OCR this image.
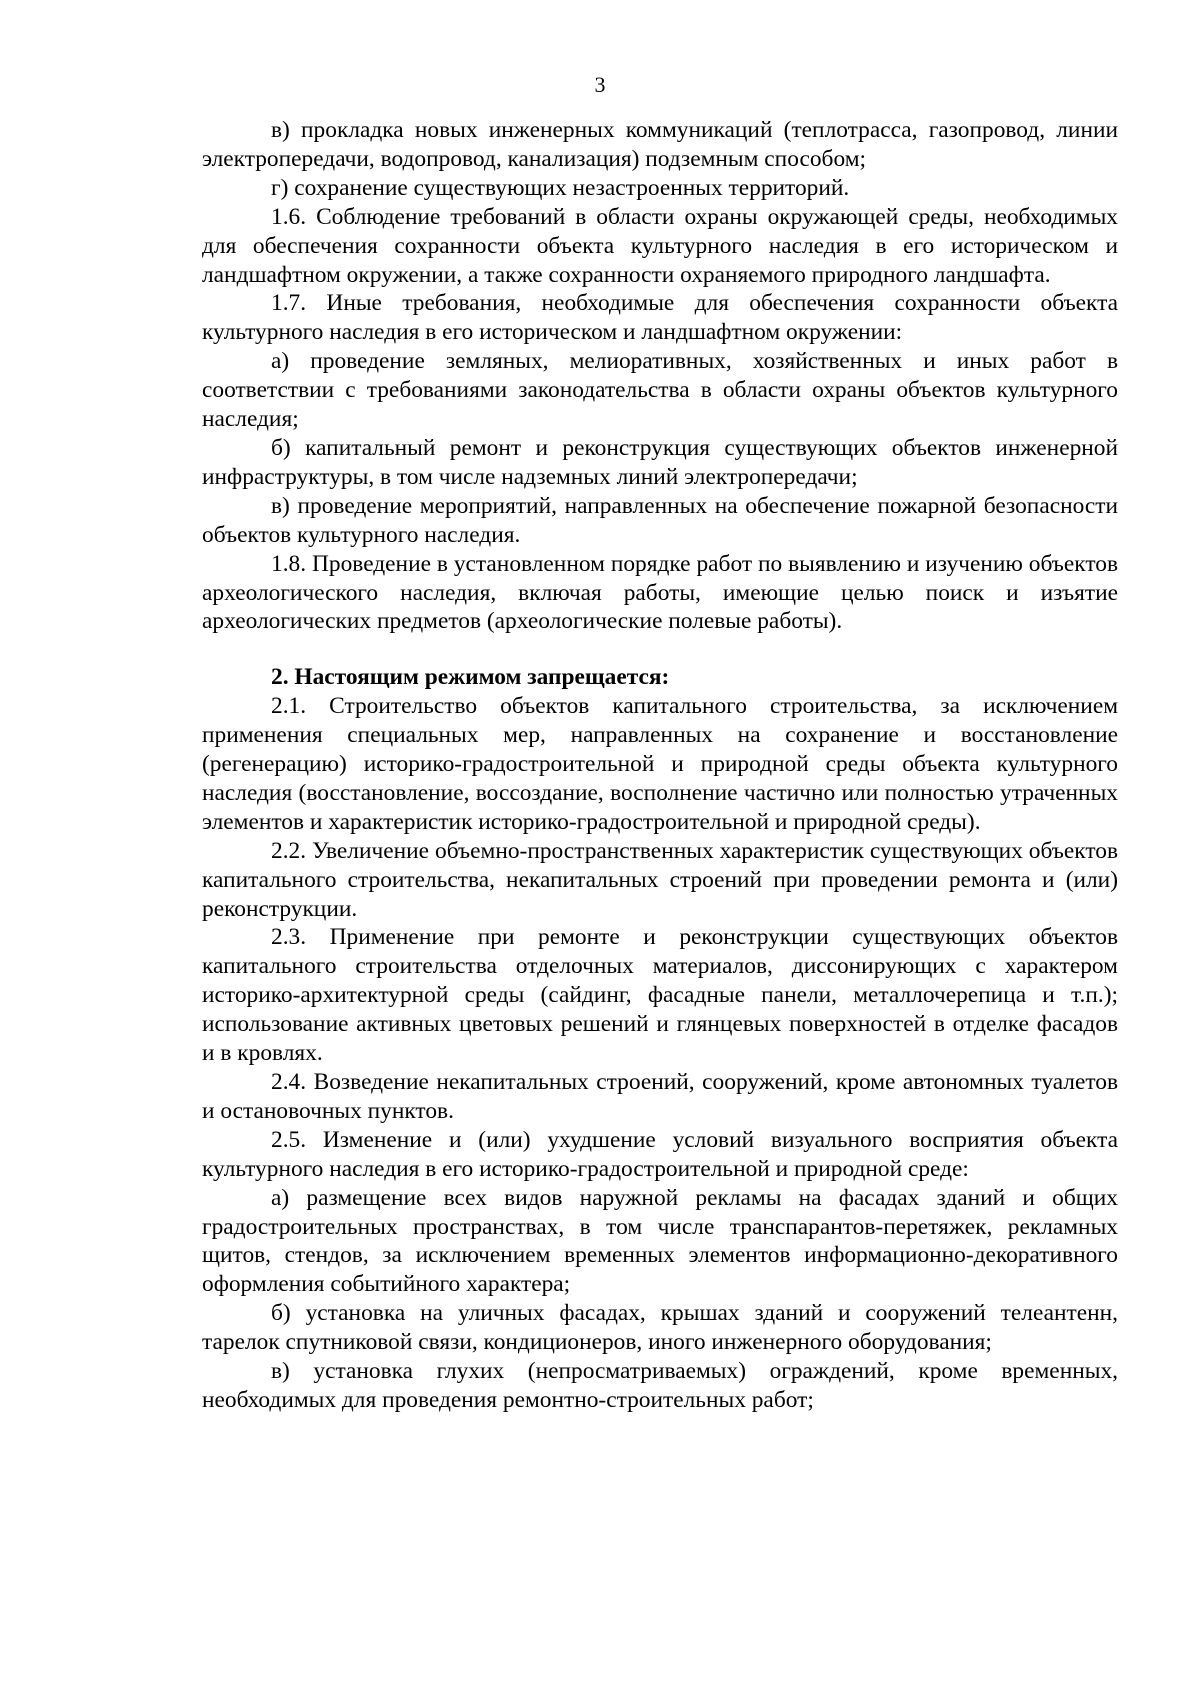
3

в) прокладка новых инженерных коммуникаций (теплотрасса, газопровод, линии электропередачи, водопровод, канализация) подземным способом;

г) сохранение существующих незастроенных территорий.

1.6. Соблюдение требований в области охраны окружающей среды, необходимых для обеспечения сохранности объекта культурного наследия в его историческом и ландшафтном окружении, а также сохранности охраняемого природного ландшафта.

1.7. Иные требования, необходимые для обеспечения сохранности объекта культурного наследия в его историческом и ландшафтном окружении:

а) проведение земляных, мелиоративных, хозяйственных и иных работ в соответствии с требованиями законодательства в области охраны объектов культурного наследия;

б) капитальный ремонт и реконструкция существующих объектов инженерной инфраструктуры, в том числе надземных линий электропередачи;

в) проведение мероприятий, направленных на обеспечение пожарной безопасности объектов культурного наследия.

1.8. Проведение в установленном порядке работ по выявлению и изучению объектов археологического наследия, включая работы, имеющие целью поиск и изъятие археологических предметов (археологические полевые работы).

2. Настоящим режимом запрещается:

2.1. Строительство объектов капитального строительства, за исключением применения специальных мер, направленных на сохранение и восстановление (регенерацию) историко-градостроительной и природной среды объекта культурного наследия (восстановление, воссоздание, восполнение частично или полностью утраченных элементов и характеристик историко-градостроительной и природной среды).

2.2. Увеличение объемно-пространственных характеристик существующих объектов капитального строительства, некапитальных строений при проведении ремонта и (или) реконструкции.

2.3. Применение при ремонте и реконструкции существующих объектов капитального строительства отделочных материалов, диссонирующих с характером историко-архитектурной среды (сайдинг, фасадные панели, металлочерепица и т.п.); использование активных цветовых решений и глянцевых поверхностей в отделке фасадов и в кровлях.

2.4. Возведение некапитальных строений, сооружений, кроме автономных туалетов и остановочных пунктов.

2.5. Изменение и (или) ухудшение условий визуального восприятия объекта культурного наследия в его историко-градостроительной и природной среде:

а) размещение всех видов наружной рекламы на фасадах зданий и общих градостроительных пространствах, в том числе транспарантов-перетяжек, рекламных щитов, стендов, за исключением временных элементов информационно-декоративного оформления событийного характера;

б) установка на уличных фасадах, крышах зданий и сооружений телеантенн, тарелок спутниковой связи, кондиционеров, иного инженерного оборудования;

в) установка глухих (непросматриваемых) ограждений, кроме временных, необходимых для проведения ремонтно-строительных работ;
